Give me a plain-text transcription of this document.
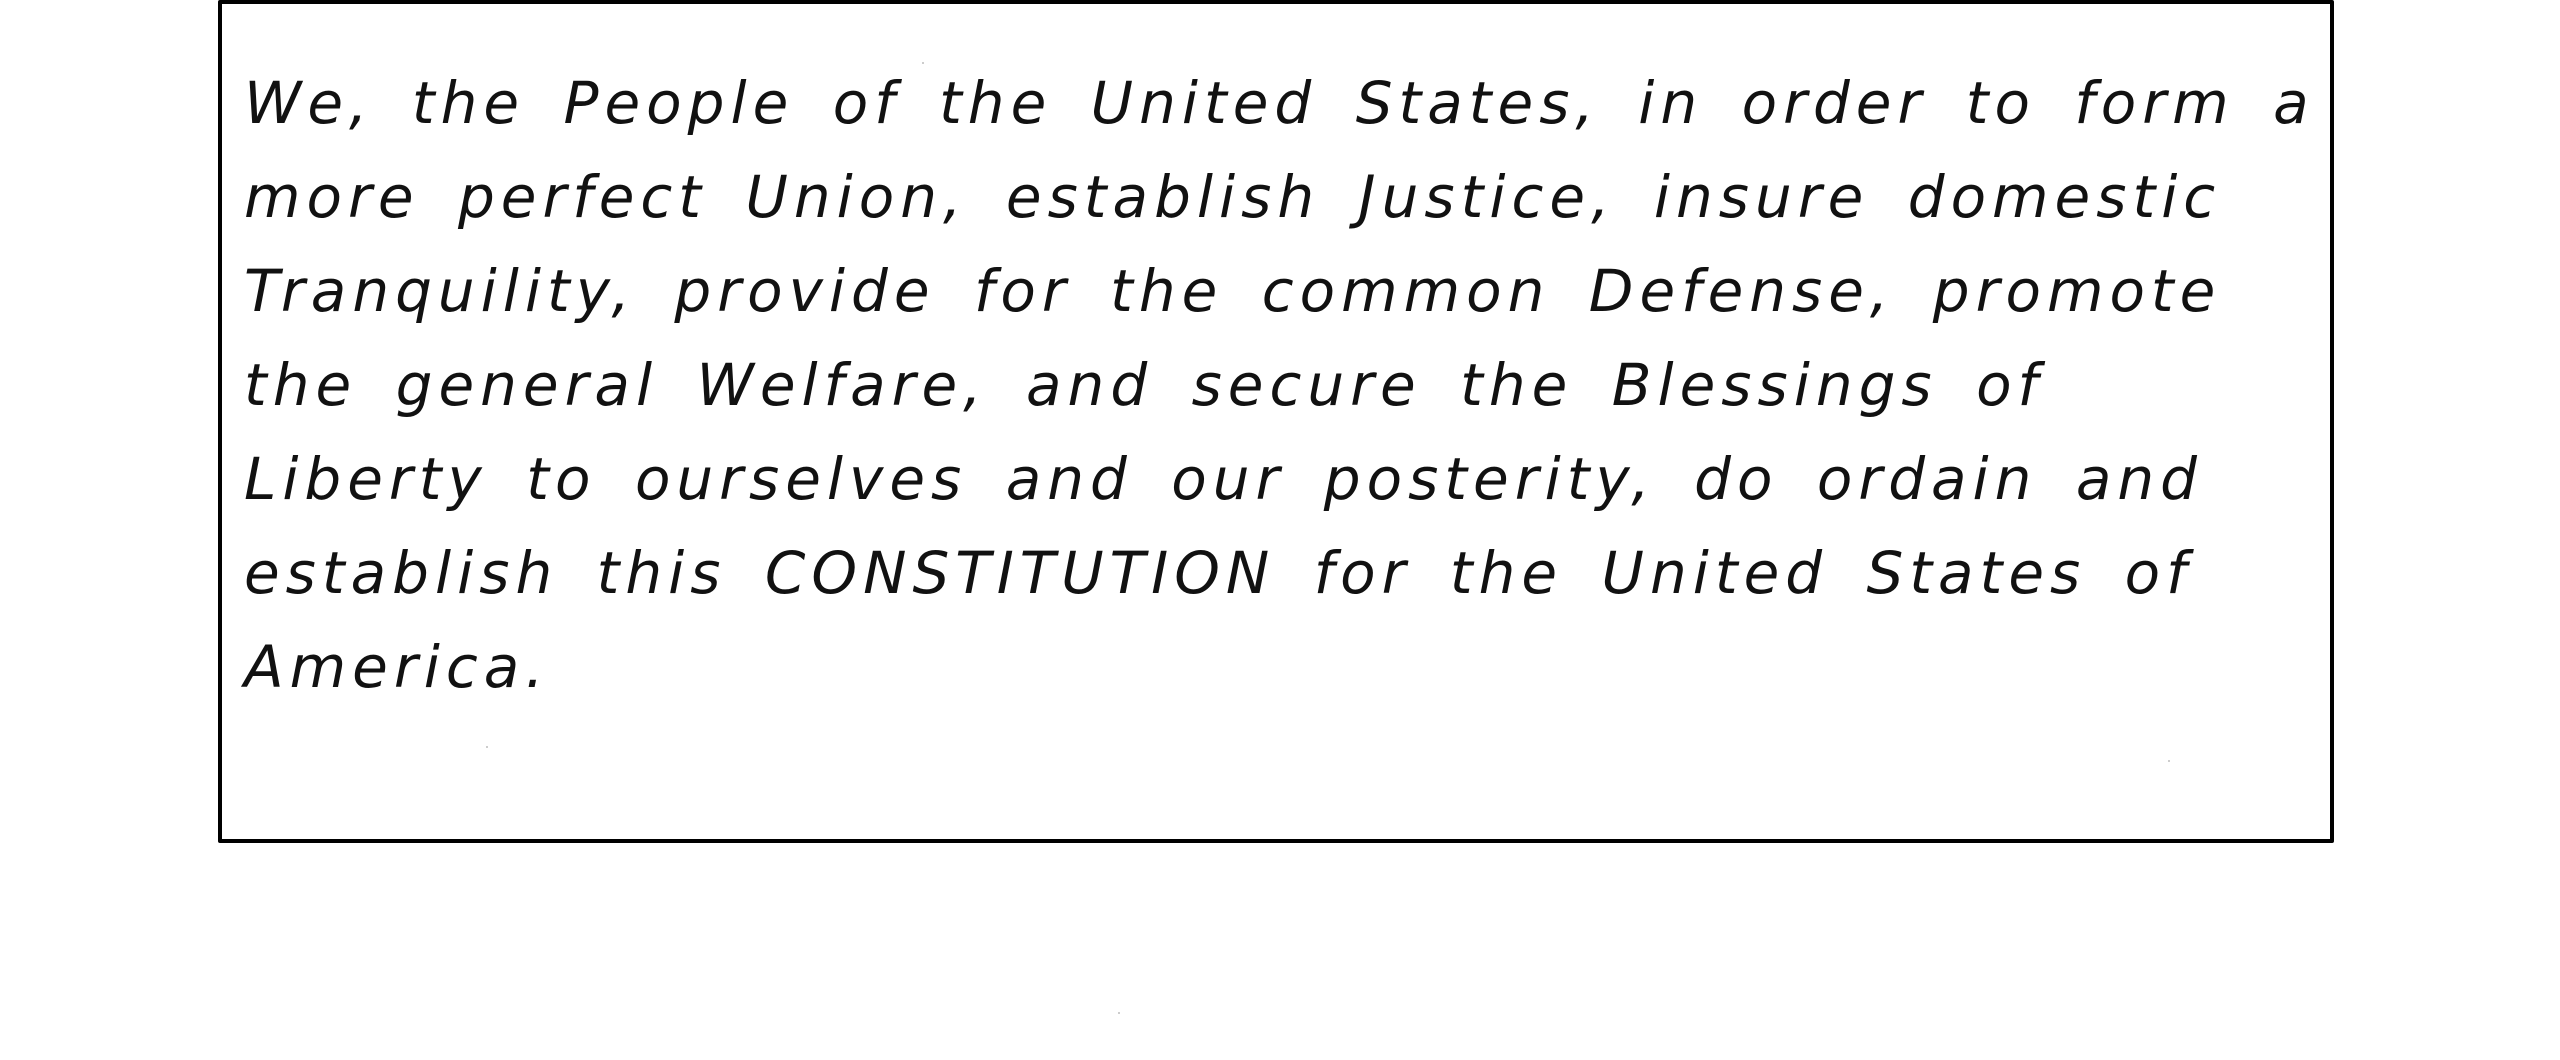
We, the People of the United States, in order to form a
more perfect Union, establish Justice, insure domestic
Tranquility, provide for the common Defense, promote
the general Welfare, and secure the Blessings of
Liberty to ourselves and our posterity, do ordain and
establish this CONSTITUTION for the United States of
America.
